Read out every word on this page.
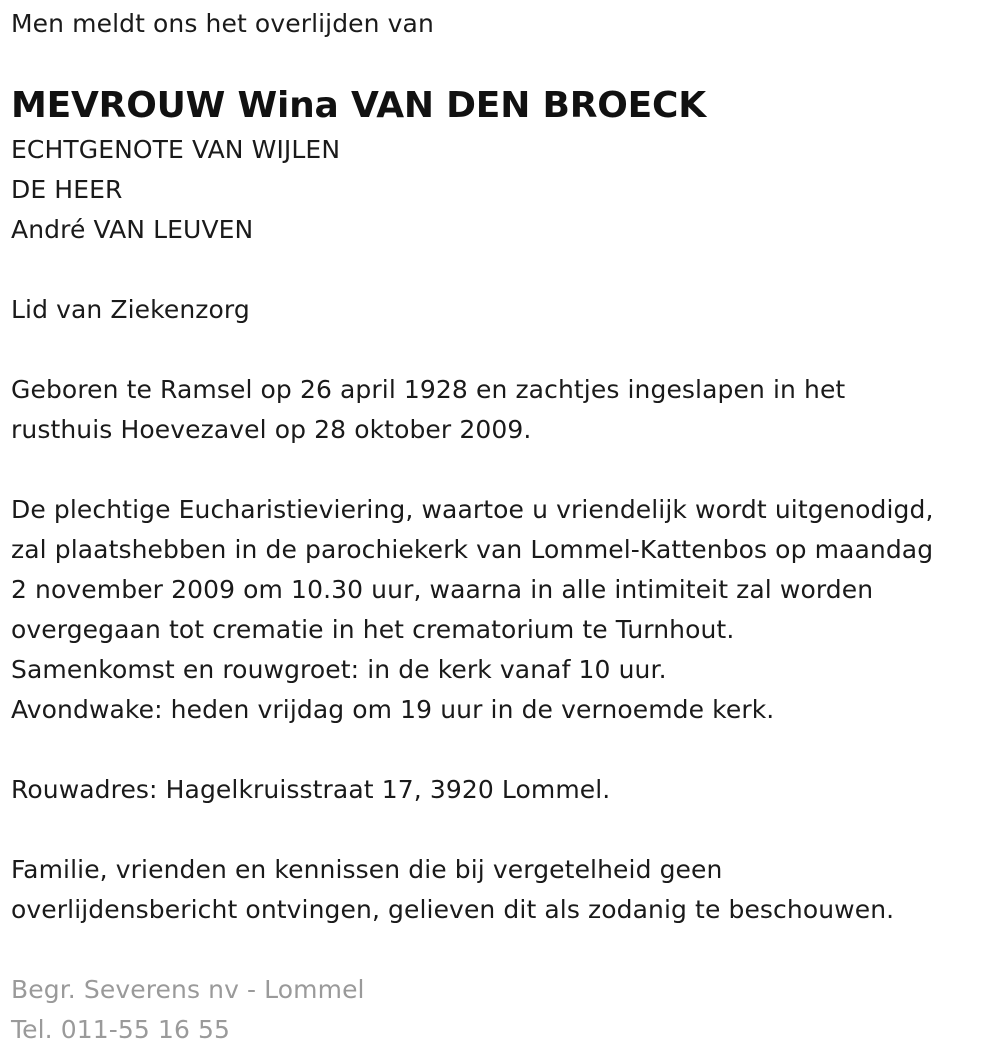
Men meldt ons het overlijden van
MEVROUW Wina VAN DEN BROECK
ECHTGENOTE VAN WIJLEN
DE HEER
André VAN LEUVEN
Lid van Ziekenzorg
Geboren te Ramsel op 26 april 1928 en zachtjes ingeslapen in het
rusthuis Hoevezavel op 28 oktober 2009.
De plechtige Eucharistieviering, waartoe u vriendelijk wordt uitgenodigd,
zal plaatshebben in de parochiekerk van Lommel-Kattenbos op maandag
2 november 2009 om 10.30 uur, waarna in alle intimiteit zal worden
overgegaan tot crematie in het crematorium te Turnhout.
Samenkomst en rouwgroet: in de kerk vanaf 10 uur.
Avondwake: heden vrijdag om 19 uur in de vernoemde kerk.
Rouwadres: Hagelkruisstraat 17, 3920 Lommel.
Familie, vrienden en kennissen die bij vergetelheid geen
overlijdensbericht ontvingen, gelieven dit als zodanig te beschouwen.
Begr. Severens nv - Lommel
Tel. 011-55 16 55
